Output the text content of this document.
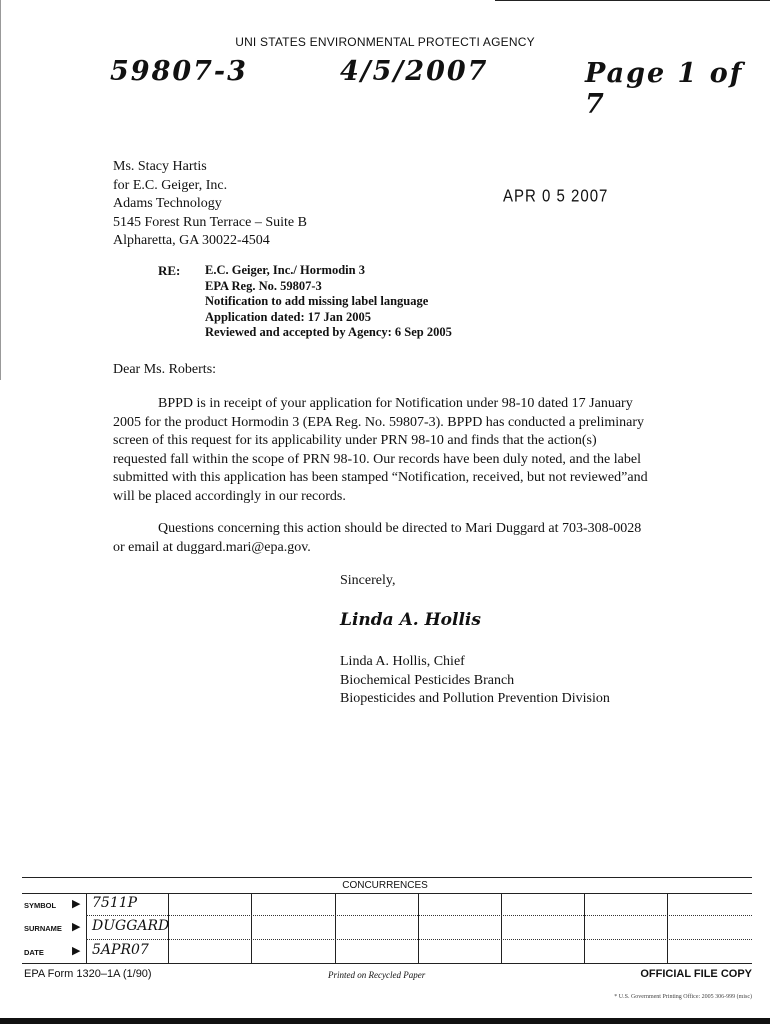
UNI STATES ENVIRONMENTAL PROTECTI AGENCY
59807-3	4/5/2007	Page 1 of 7
Ms. Stacy Hartis
for E.C. Geiger, Inc.
Adams Technology
5145 Forest Run Terrace – Suite B
Alpharetta, GA 30022-4504
APR 0 5 2007
RE: E.C. Geiger, Inc./ Hormodin 3
EPA Reg. No. 59807-3
Notification to add missing label language
Application dated: 17 Jan 2005
Reviewed and accepted by Agency: 6 Sep 2005
Dear Ms. Roberts:
BPPD is in receipt of your application for Notification under 98-10 dated 17 January 2005 for the product Hormodin 3 (EPA Reg. No. 59807-3). BPPD has conducted a preliminary screen of this request for its applicability under PRN 98-10 and finds that the action(s) requested fall within the scope of PRN 98-10. Our records have been duly noted, and the label submitted with this application has been stamped “Notification, received, but not reviewed”and will be placed accordingly in our records.
Questions concerning this action should be directed to Mari Duggard at 703-308-0028 or email at duggard.mari@epa.gov.
Sincerely,
Linda A. Hollis
Linda A. Hollis, Chief
Biochemical Pesticides Branch
Biopesticides and Pollution Prevention Division
CONCURRENCES
SYMBOL ▶ 7511P
SURNAME ▶ DUGGARD
DATE	▶ 5APR07
EPA Form 1320–1A (1/90)	Printed on Recycled Paper	OFFICIAL FILE COPY
* U.S. Government Printing Office: 2005 306-999 (misc)
